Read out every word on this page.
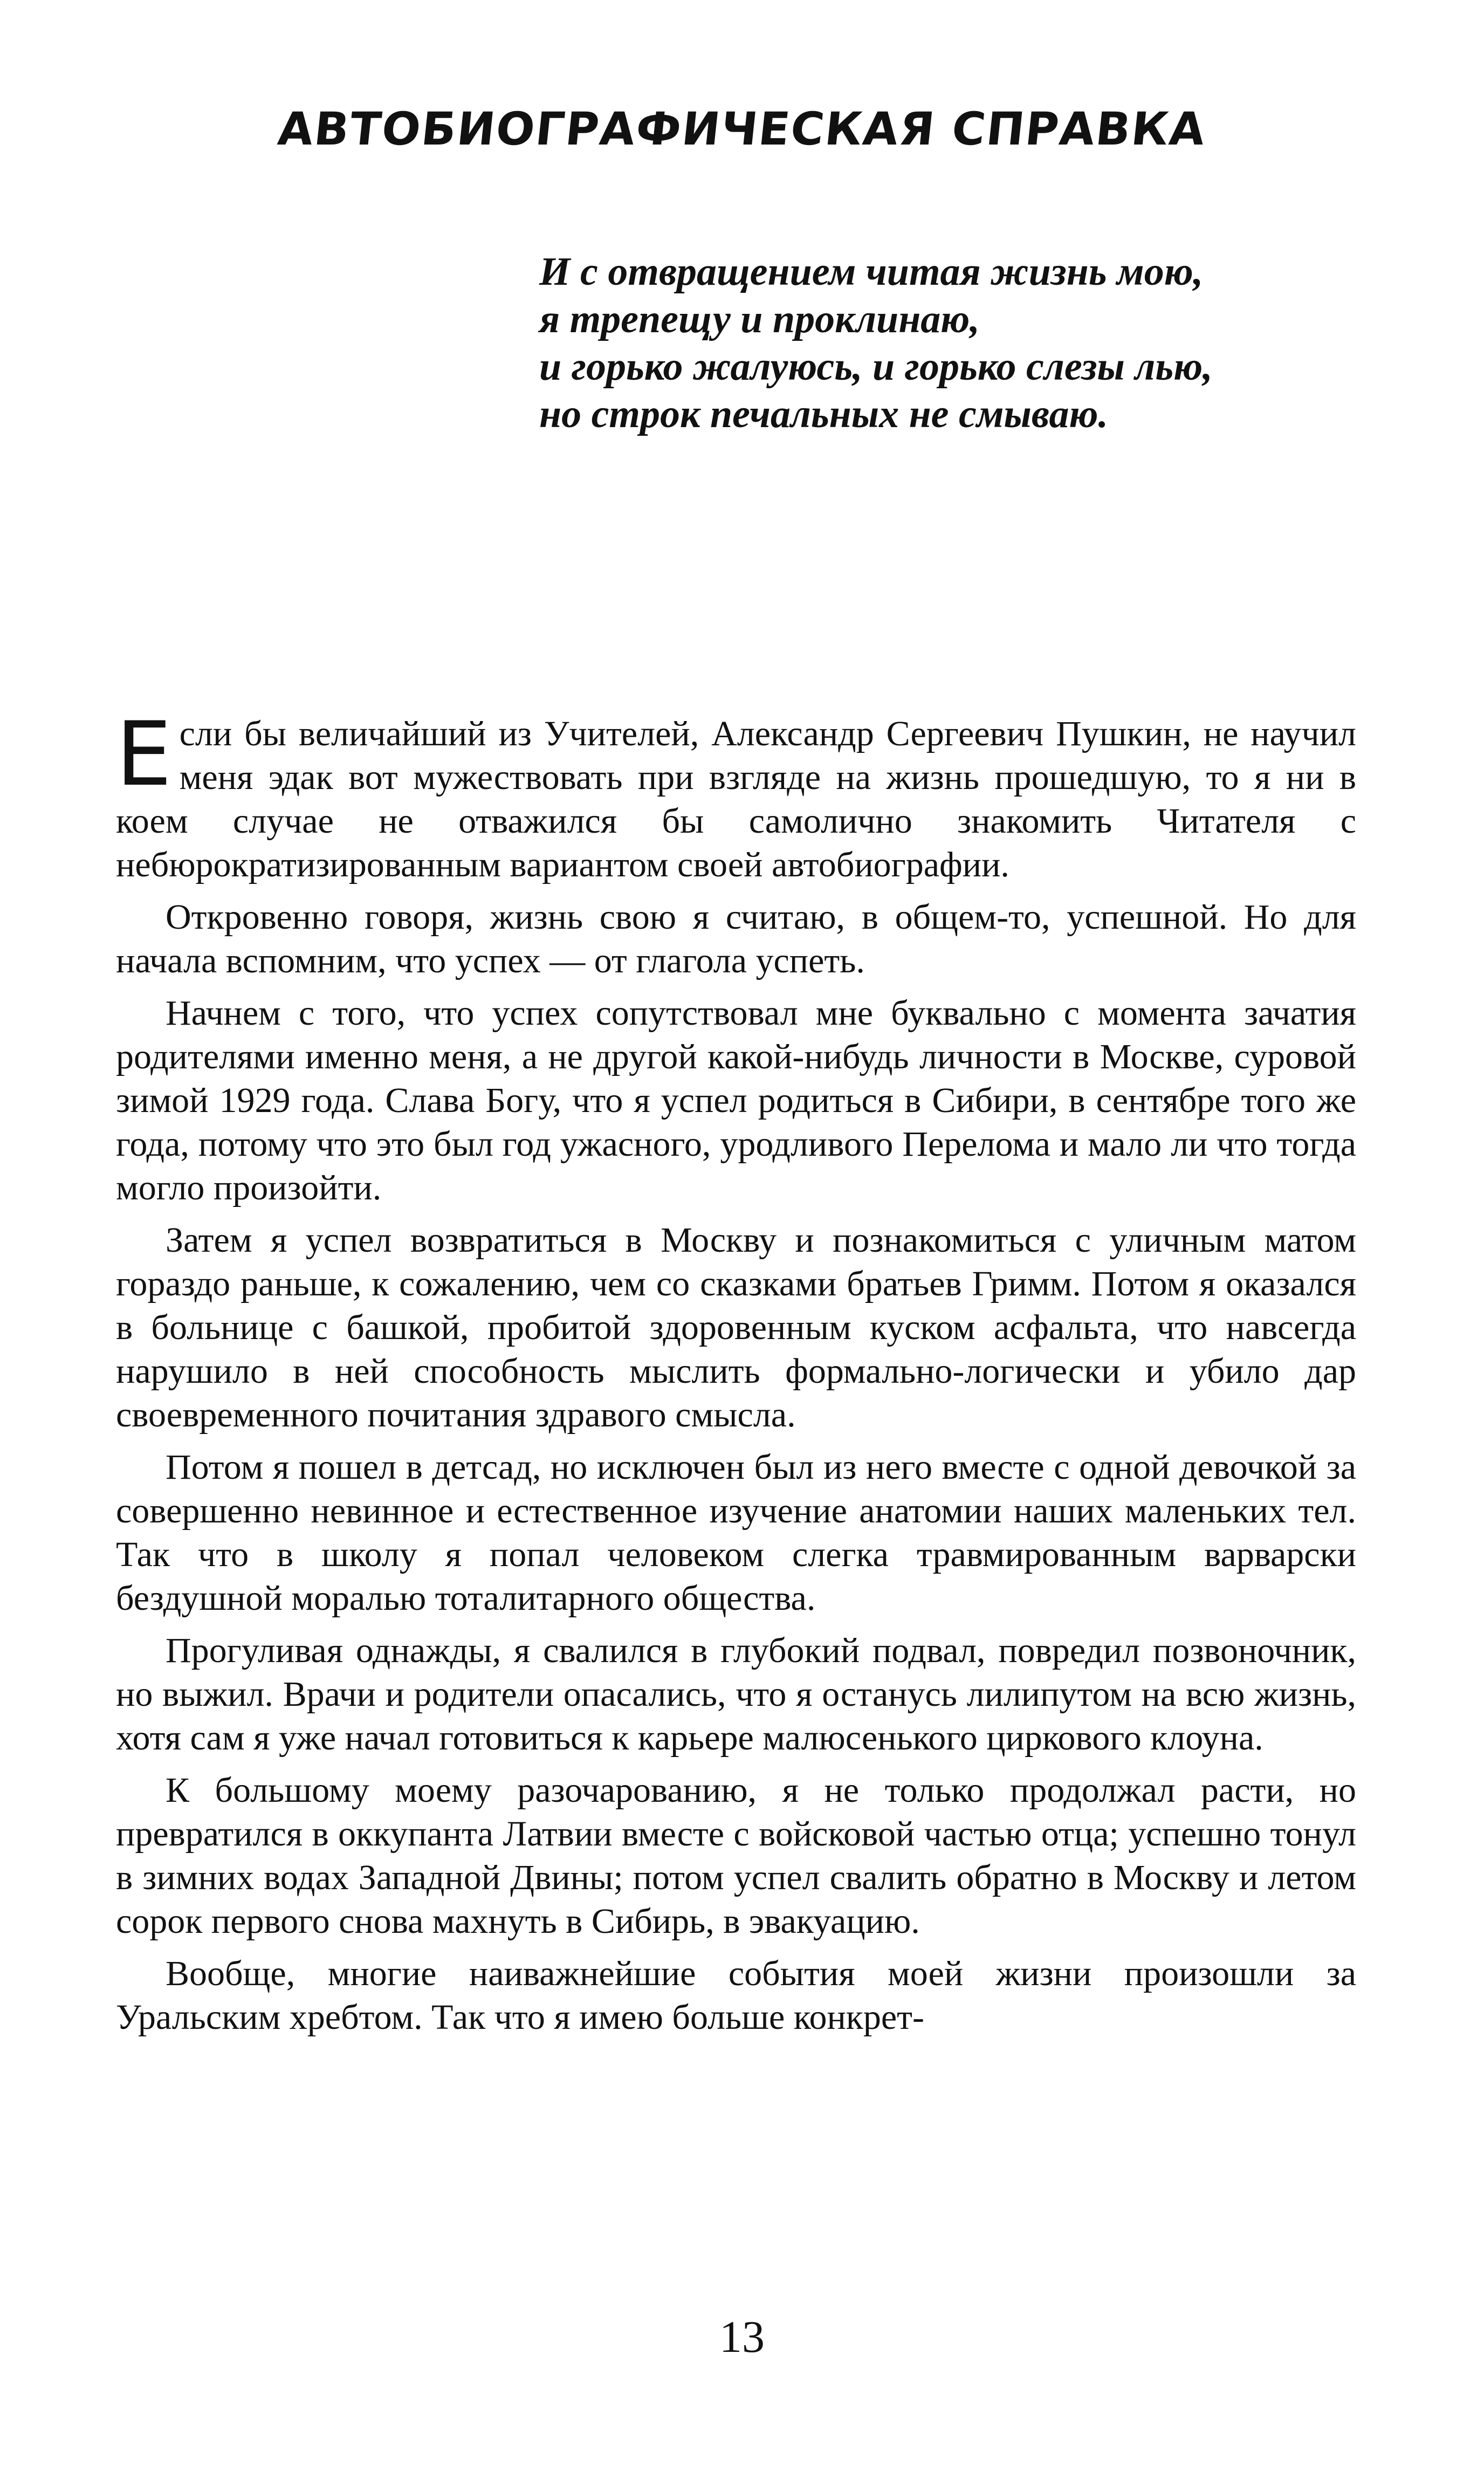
АВТОБИОГРАФИЧЕСКАЯ СПРАВКА
И с отвращением читая жизнь мою,
я трепещу и проклинаю,
и горько жалуюсь, и горько слезы лью,
но строк печальных не смываю.

Если бы величайший из Учителей, Александр Сергеевич Пушкин, не научил меня эдак вот мужествовать при взгляде на жизнь прошедшую, то я ни в коем случае не отважился бы самолично знакомить Читателя с небюрократизированным вариантом своей автобиографии.

Откровенно говоря, жизнь свою я считаю, в общем-то, успешной. Но для начала вспомним, что успех — от глагола успеть.

Начнем с того, что успех сопутствовал мне буквально с момента зачатия родителями именно меня, а не другой какой-нибудь личности в Москве, суровой зимой 1929 года. Слава Богу, что я успел родиться в Сибири, в сентябре того же года, потому что это был год ужасного, уродливого Перелома и мало ли что тогда могло произойти.

Затем я успел возвратиться в Москву и познакомиться с уличным матом гораздо раньше, к сожалению, чем со сказками братьев Гримм. Потом я оказался в больнице с башкой, пробитой здоровенным куском асфальта, что навсегда нарушило в ней способность мыслить формально-логически и убило дар своевременного почитания здравого смысла.

Потом я пошел в детсад, но исключен был из него вместе с одной девочкой за совершенно невинное и естественное изучение анатомии наших маленьких тел. Так что в школу я попал человеком слегка травмированным варварски бездушной моралью тоталитарного общества.

Прогуливая однажды, я свалился в глубокий подвал, повредил позвоночник, но выжил. Врачи и родители опасались, что я останусь лилипутом на всю жизнь, хотя сам я уже начал готовиться к карьере малюсенького циркового клоуна.

К большому моему разочарованию, я не только продолжал расти, но превратился в оккупанта Латвии вместе с войсковой частью отца; успешно тонул в зимних водах Западной Двины; потом успел свалить обратно в Москву и летом сорок первого снова махнуть в Сибирь, в эвакуацию.

Вообще, многие наиважнейшие события моей жизни произошли за Уральским хребтом. Так что я имею больше конкрет-

13
